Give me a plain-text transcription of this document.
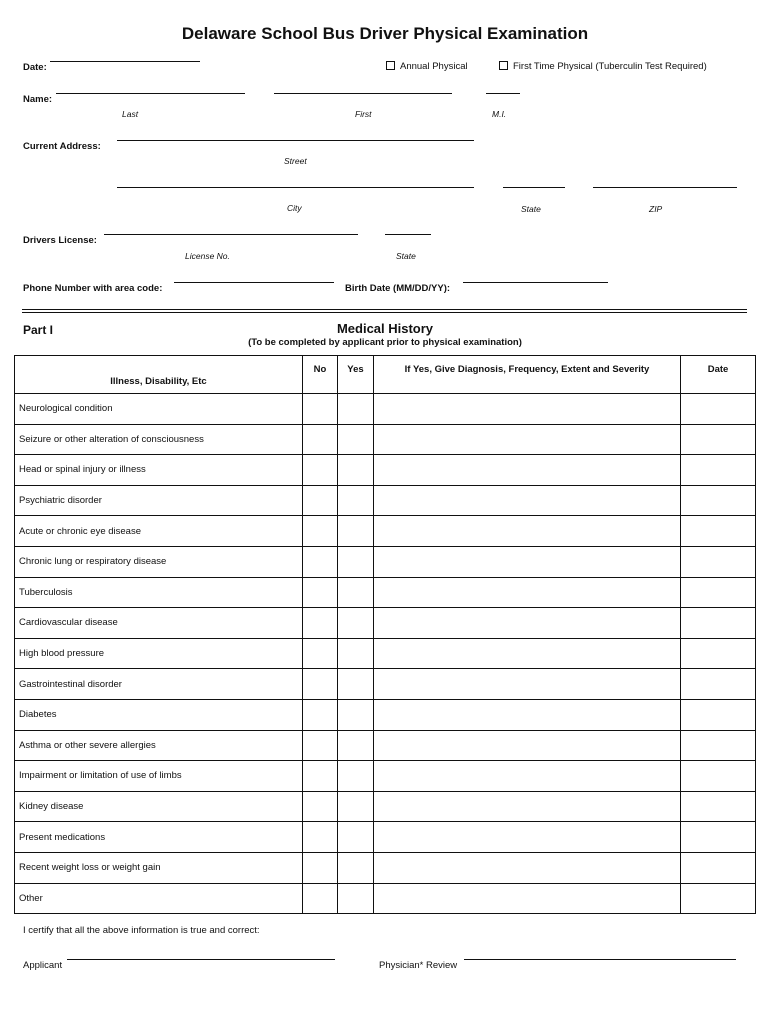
Delaware School Bus Driver Physical Examination
Date:	Annual Physical	First Time Physical (Tuberculin Test Required)
Name:
Last	First	M.I.
Current Address:
Street
City	State	ZIP
Drivers License:
License No.	State
Phone Number with area code:	Birth Date (MM/DD/YY):
Part I	Medical History
(To be completed by applicant prior to physical examination)
Illness, Disability, Etc	No	Yes	If Yes, Give Diagnosis, Frequency, Extent and Severity	Date
Neurological condition				
Seizure or other alteration of consciousness				
Head or spinal injury or illness				
Psychiatric disorder				
Acute or chronic eye disease				
Chronic lung or respiratory disease				
Tuberculosis				
Cardiovascular disease				
High blood pressure				
Gastrointestinal disorder				
Diabetes				
Asthma or other severe allergies				
Impairment or limitation of use of limbs				
Kidney disease				
Present medications				
Recent weight loss or weight gain				
Other				
I certify that all the above information is true and correct:
Applicant	Physician* Review
